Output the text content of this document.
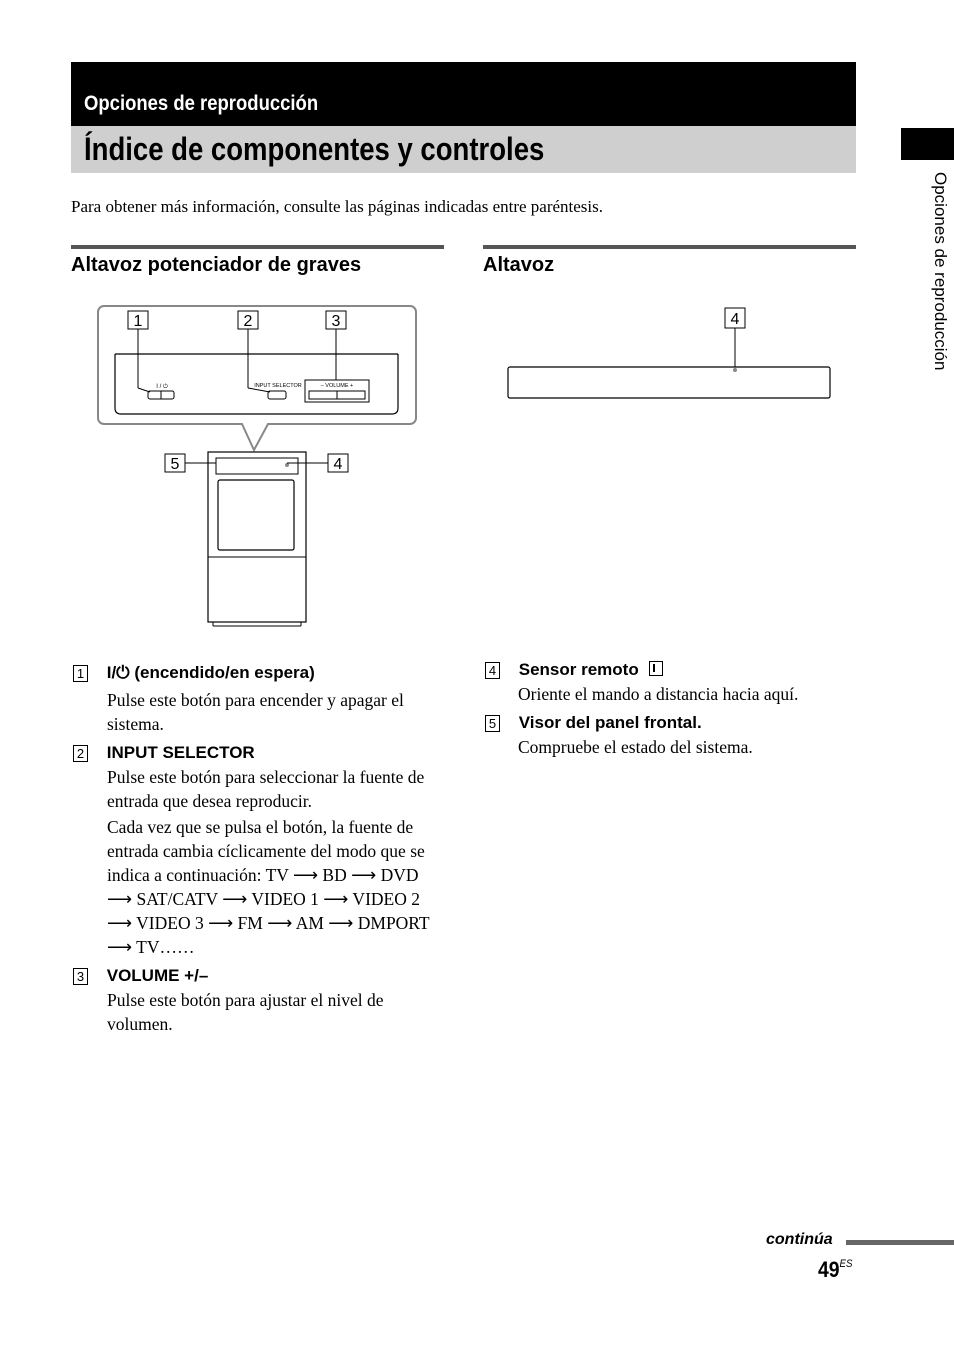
Opciones de reproducción
Índice de componentes y controles
Opciones de reproducción
Para obtener más información, consulte las páginas indicadas entre paréntesis.
Altavoz potenciador de graves	Altavoz
I / ⏻	INPUT SELECTOR	– VOLUME +
1	2	3
5	4
4
1 I/⏻ (encendido/en espera)
Pulse este botón para encender y apagar el sistema.
2 INPUT SELECTOR
Pulse este botón para seleccionar la fuente de entrada que desea reproducir.
Cada vez que se pulsa el botón, la fuente de entrada cambia cíclicamente del modo que se indica a continuación: TV ⟶ BD ⟶ DVD ⟶ SAT/CATV ⟶ VIDEO 1 ⟶ VIDEO 2 ⟶ VIDEO 3 ⟶ FM ⟶ AM ⟶ DMPORT ⟶ TV……
3 VOLUME +/–
Pulse este botón para ajustar el nivel de volumen.
4 Sensor remoto
Oriente el mando a distancia hacia aquí.
5 Visor del panel frontal.
Compruebe el estado del sistema.
continúa
$49^{ES}$
